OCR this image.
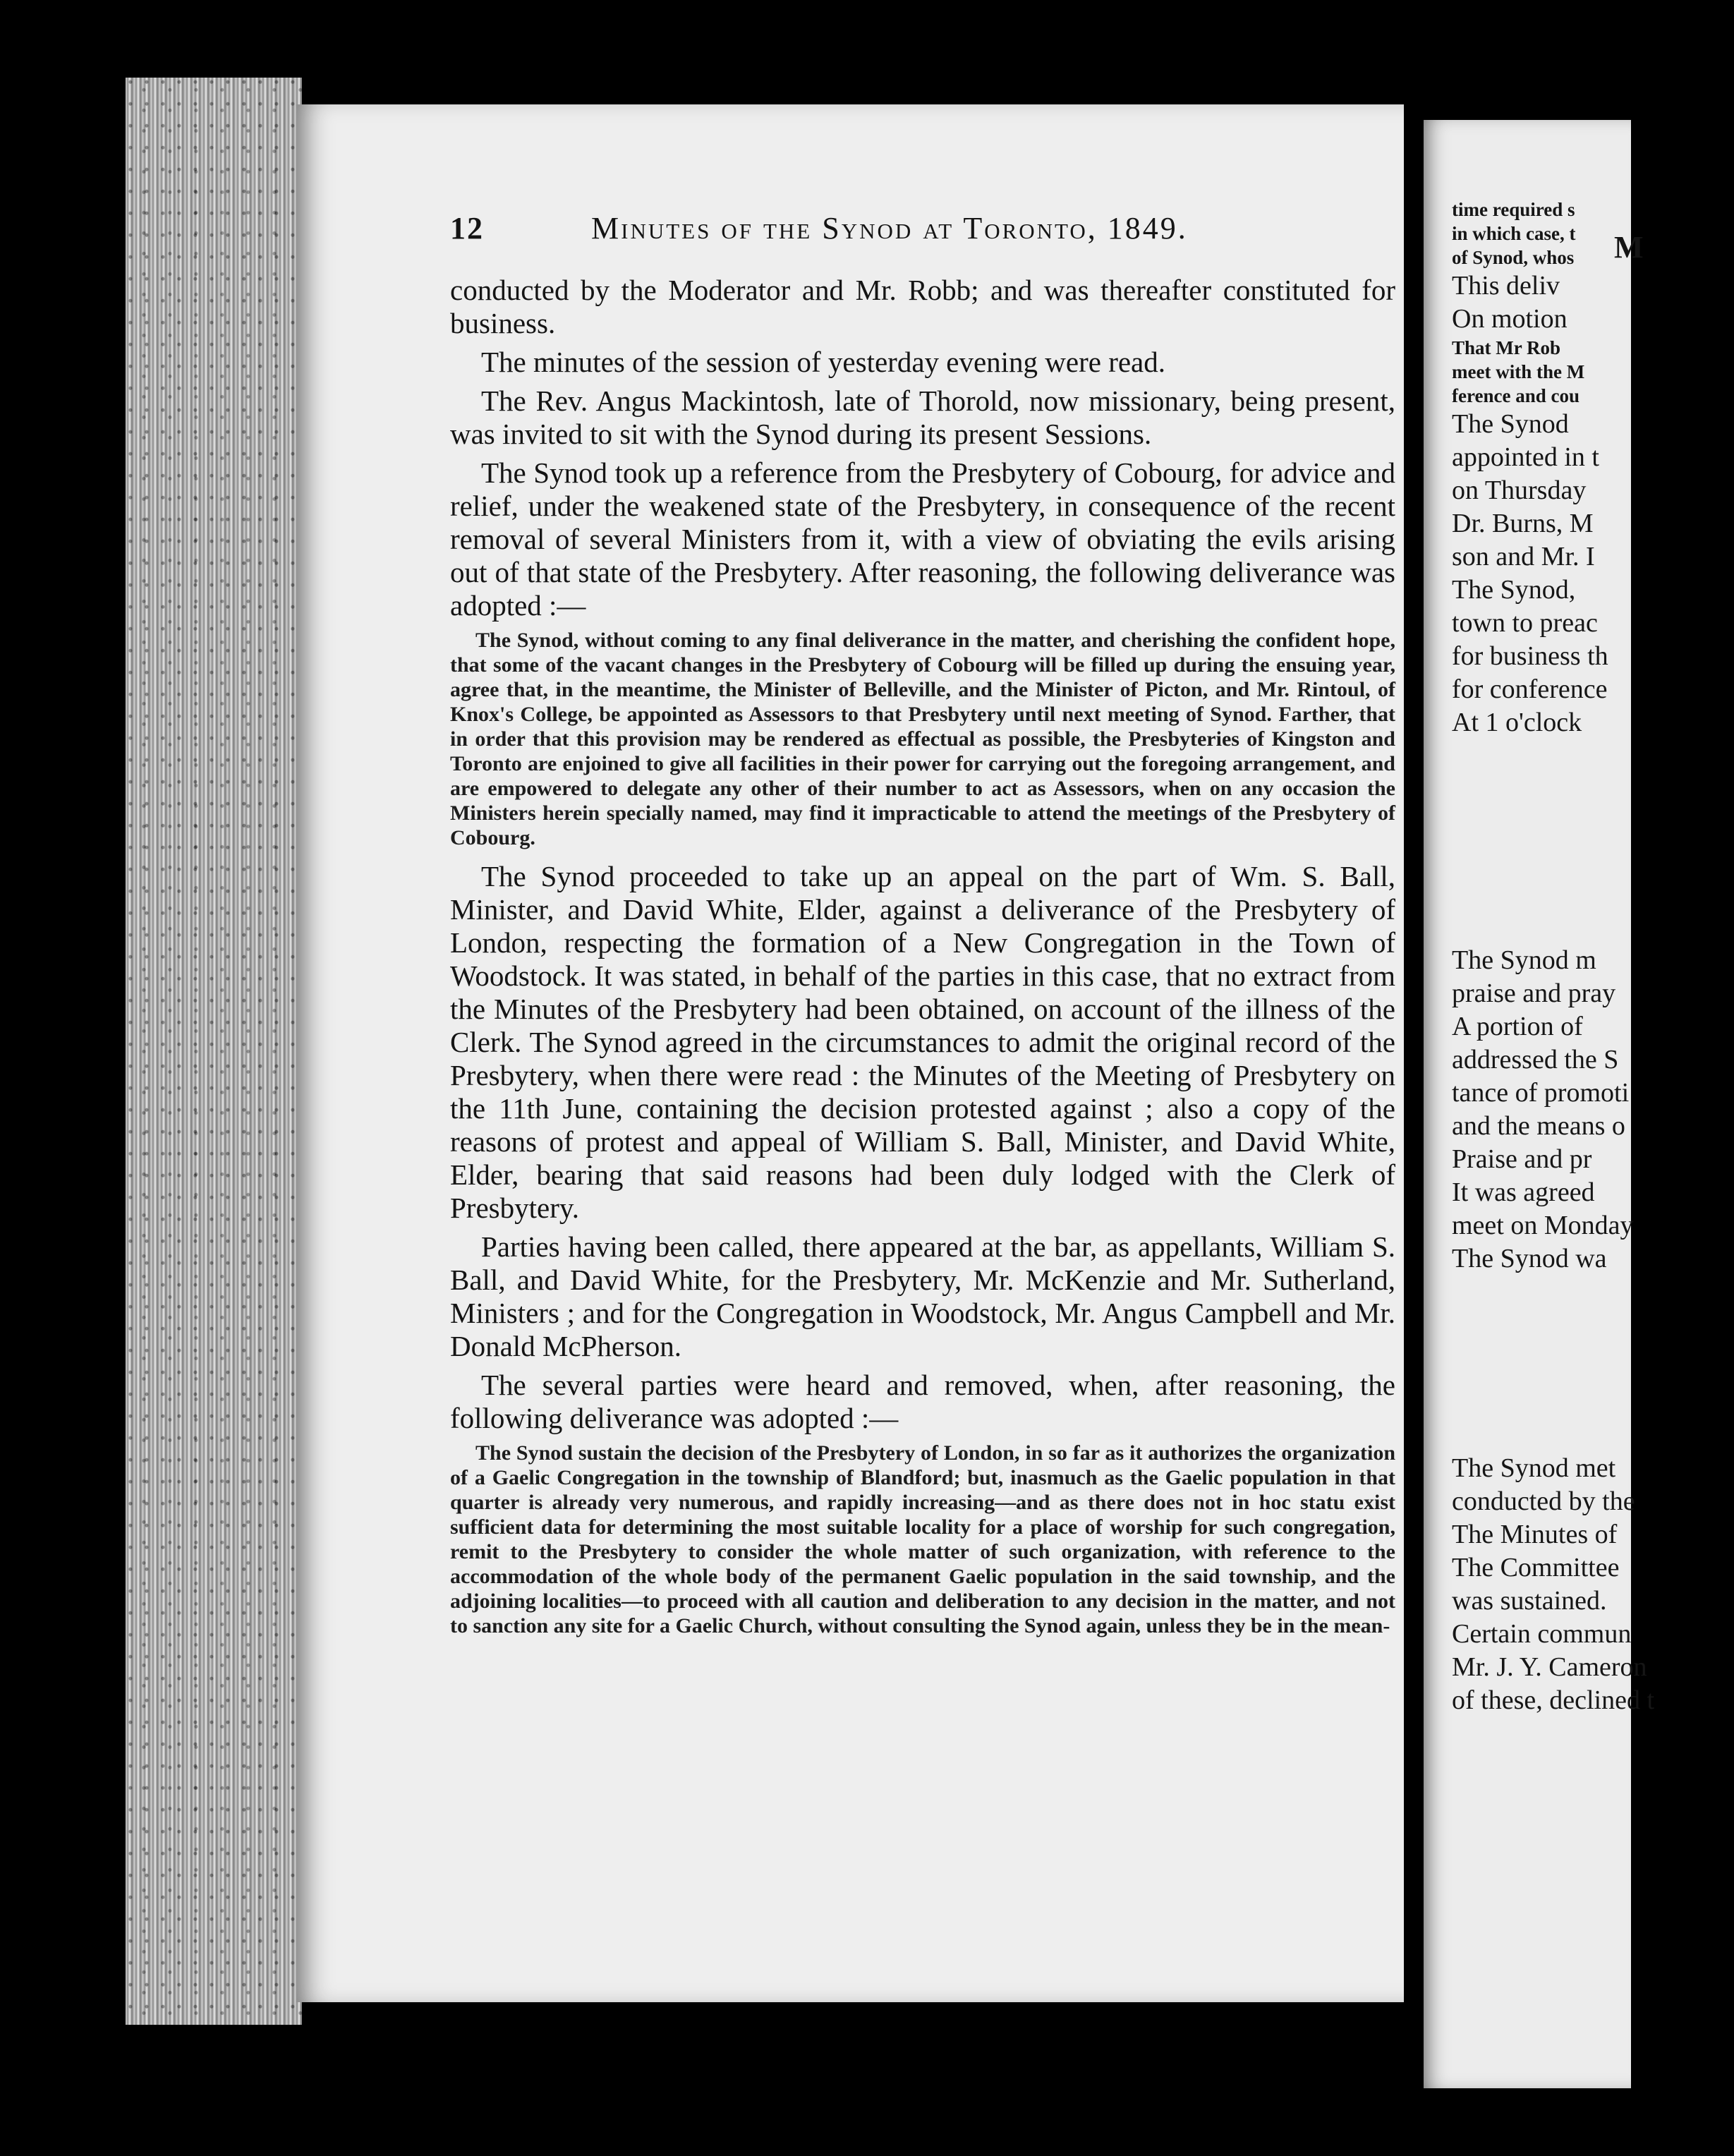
12	Minutes of the Synod at Toronto, 1849.
conducted by the Moderator and Mr. Robb; and was thereafter constituted for business.
The minutes of the session of yesterday evening were read.
The Rev. Angus Mackintosh, late of Thorold, now missionary, being present, was invited to sit with the Synod during its present Sessions.
The Synod took up a reference from the Presbytery of Cobourg, for advice and relief, under the weakened state of the Presbytery, in consequence of the recent removal of several Ministers from it, with a view of obviating the evils arising out of that state of the Presbytery. After reasoning, the following deliverance was adopted :—
The Synod, without coming to any final deliverance in the matter, and cherishing the confident hope, that some of the vacant changes in the Presbytery of Cobourg will be filled up during the ensuing year, agree that, in the meantime, the Minister of Belleville, and the Minister of Picton, and Mr. Rintoul, of Knox's College, be appointed as Assessors to that Presbytery until next meeting of Synod. Farther, that in order that this provision may be rendered as effectual as possible, the Presbyteries of Kingston and Toronto are enjoined to give all facilities in their power for carrying out the foregoing arrangement, and are empowered to delegate any other of their number to act as Assessors, when on any occasion the Ministers herein specially named, may find it impracticable to attend the meetings of the Presbytery of Cobourg.
The Synod proceeded to take up an appeal on the part of Wm. S. Ball, Minister, and David White, Elder, against a deliverance of the Presbytery of London, respecting the formation of a New Congregation in the Town of Woodstock. It was stated, in behalf of the parties in this case, that no extract from the Minutes of the Presbytery had been obtained, on account of the illness of the Clerk. The Synod agreed in the circumstances to admit the original record of the Presbytery, when there were read : the Minutes of the Meeting of Presbytery on the 11th June, containing the decision protested against ; also a copy of the reasons of protest and appeal of William S. Ball, Minister, and David White, Elder, bearing that said reasons had been duly lodged with the Clerk of Presbytery.
Parties having been called, there appeared at the bar, as appellants, William S. Ball, and David White, for the Presbytery, Mr. McKenzie and Mr. Sutherland, Ministers ; and for the Congregation in Woodstock, Mr. Angus Campbell and Mr. Donald McPherson.
The several parties were heard and removed, when, after reasoning, the following deliverance was adopted :—
The Synod sustain the decision of the Presbytery of London, in so far as it authorizes the organization of a Gaelic Congregation in the township of Blandford; but, inasmuch as the Gaelic population in that quarter is already very numerous, and rapidly increasing—and as there does not in hoc statu exist sufficient data for determining the most suitable locality for a place of worship for such congregation, remit to the Presbytery to consider the whole matter of such organization, with reference to the accommodation of the whole body of the permanent Gaelic population in the said township, and the adjoining localities—to proceed with all caution and deliberation to any decision in the matter, and not to sanction any site for a Gaelic Church, without consulting the Synod again, unless they be in the mean-
M
time required s
in which case, t
of Synod, whos
This deliv
On motion
That Mr Rob
meet with the M
ference and cou
The Synod
appointed in t
on Thursday
Dr. Burns, M
son and Mr. I
The Synod,
town to preac
for business th
for conference
At 1 o'clock
The Synod m
praise and pray
A portion of
addressed the S
tance of promoti
and the means o
Praise and pr
It was agreed
meet on Monday
The Synod wa
The Synod met
conducted by the
The Minutes of
The Committee
was sustained.
Certain commun
Mr. J. Y. Cameron
of these, declined t
